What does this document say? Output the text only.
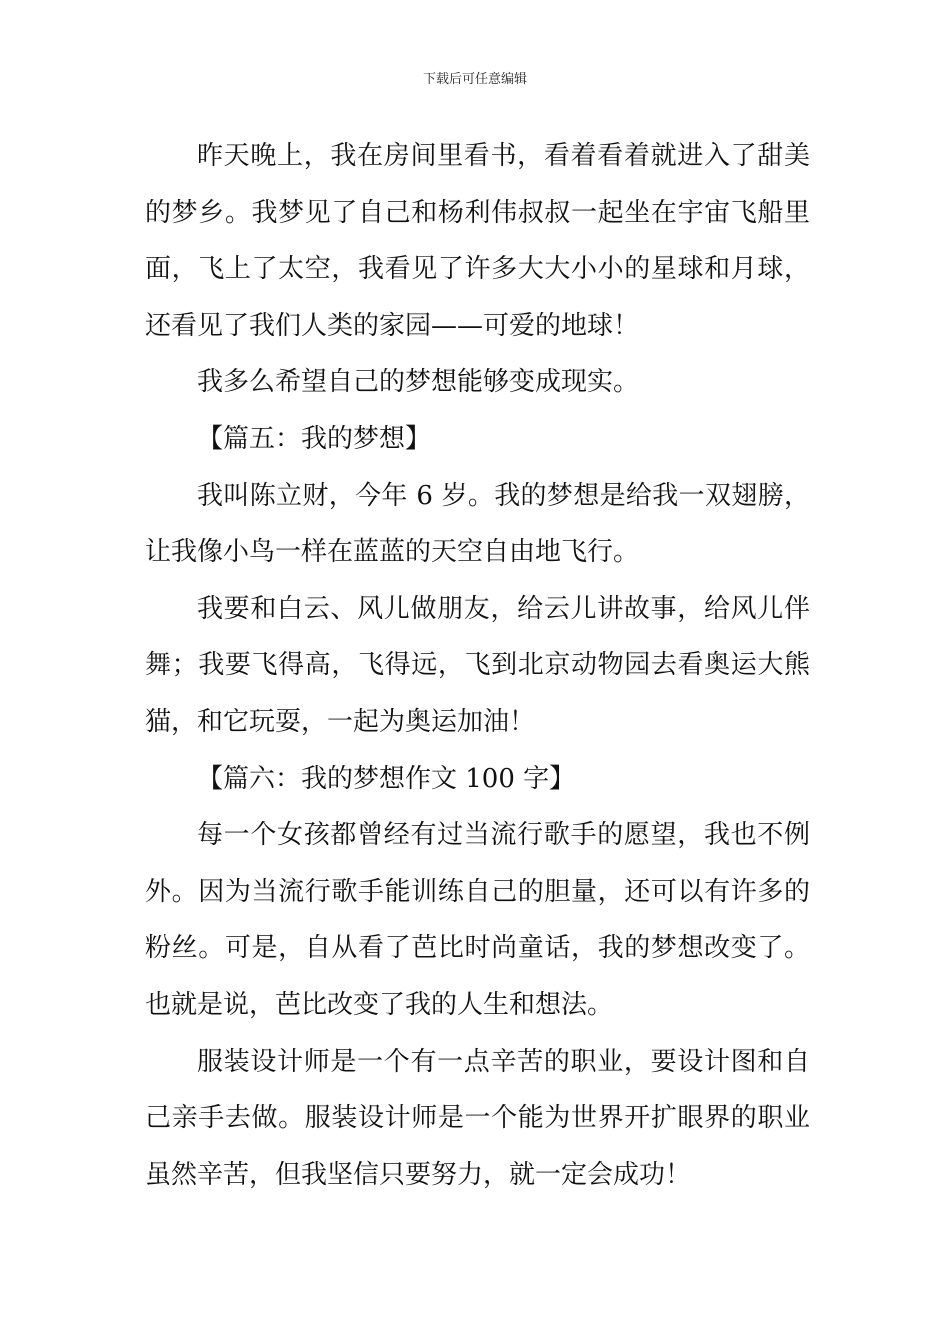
下载后可任意编辑

昨天晚上，我在房间里看书，看着看着就进入了甜美的梦乡。我梦见了自己和杨利伟叔叔一起坐在宇宙飞船里面，飞上了太空，我看见了许多大大小小的星球和月球，还看见了我们人类的家园——可爱的地球！

我多么希望自己的梦想能够变成现实。

【篇五：我的梦想】

我叫陈立财，今年 6 岁。我的梦想是给我一双翅膀，让我像小鸟一样在蓝蓝的天空自由地飞行。

我要和白云、风儿做朋友，给云儿讲故事，给风儿伴舞；我要飞得高，飞得远，飞到北京动物园去看奥运大熊猫，和它玩耍，一起为奥运加油！

【篇六：我的梦想作文 100 字】

每一个女孩都曾经有过当流行歌手的愿望，我也不例外。因为当流行歌手能训练自己的胆量，还可以有许多的粉丝。可是，自从看了芭比时尚童话，我的梦想改变了。也就是说，芭比改变了我的人生和想法。

服装设计师是一个有一点辛苦的职业，要设计图和自己亲手去做。服装设计师是一个能为世界开扩眼界的职业虽然辛苦，但我坚信只要努力，就一定会成功！
